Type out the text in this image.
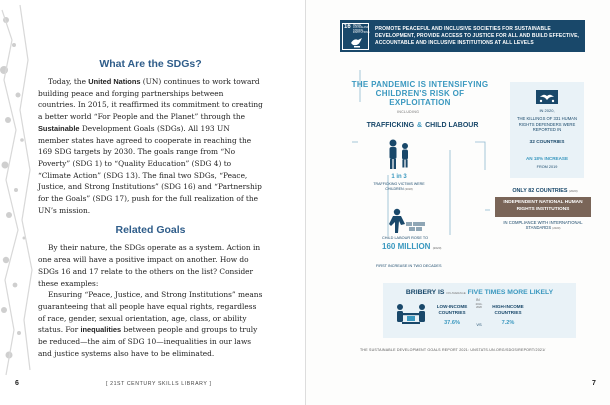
What Are the SDGs?

Today, the United Nations (UN) continues to work toward building peace and forging partnerships between countries. In 2015, it reaffirmed its commitment to creating a better world “For People and the Planet” through the Sustainable Development Goals (SDGs). All 193 UN member states have agreed to cooperate in reaching the 169 SDG targets by 2030. The goals range from “No Poverty” (SDG 1) to “Quality Education” (SDG 4) to “Climate Action” (SDG 13). The final two SDGs, “Peace, Justice, and Strong Institutions” (SDG 16) and “Partnership for the Goals” (SDG 17), push for the full realization of the UN’s mission.

Related Goals

By their nature, the SDGs operate as a system. Action in one area will have a positive impact on another. How do SDGs 16 and 17 relate to the others on the list? Consider these examples:

Ensuring “Peace, Justice, and Strong Institutions” means guaranteeing that all people have equal rights, regardless of race, gender, sexual orientation, age, class, or ability status. For inequalities between people and groups to truly be reduced—the aim of SDG 10—inequalities in our laws and justice systems also have to be eliminated.

6	[ 21ST CENTURY SKILLS LIBRARY ]
16 PEACE, JUSTICE AND STRONG INSTITUTIONS
PROMOTE PEACEFUL AND INCLUSIVE SOCIETIES FOR SUSTAINABLE DEVELOPMENT, PROVIDE ACCESS TO JUSTICE FOR ALL AND BUILD EFFECTIVE, ACCOUNTABLE AND INCLUSIVE INSTITUTIONS AT ALL LEVELS
THE PANDEMIC IS INTENSIFYING CHILDREN'S RISK OF EXPLOITATION
INCLUDING
TRAFFICKING & CHILD LABOUR
1 in 3
TRAFFICKING VICTIMS WERE CHILDREN (2018)
CHILD LABOUR ROSE TO
160 MILLION (2020)
FIRST INCREASE IN TWO DECADES
IN 2020,
THE KILLINGS OF 331 HUMAN RIGHTS DEFENDERS WERE REPORTED IN
32 COUNTRIES
AN 18% INCREASE
FROM 2019
ONLY 82 COUNTRIES (2020)
INDEPENDENT NATIONAL HUMAN RIGHTS INSTITUTIONS
IN COMPLIANCE WITH INTERNATIONAL STANDARDS (2020)
BRIBERY IS ON AVERAGE FIVE TIMES MORE LIKELY
IN
LOW-INCOME COUNTRIES
37.6%
2014-2020
VS
HIGH-INCOME COUNTRIES
7.2%
THE SUSTAINABLE DEVELOPMENT GOALS REPORT 2021: UNSTATS.UN.ORG/SDGS/REPORT/2021/
7
